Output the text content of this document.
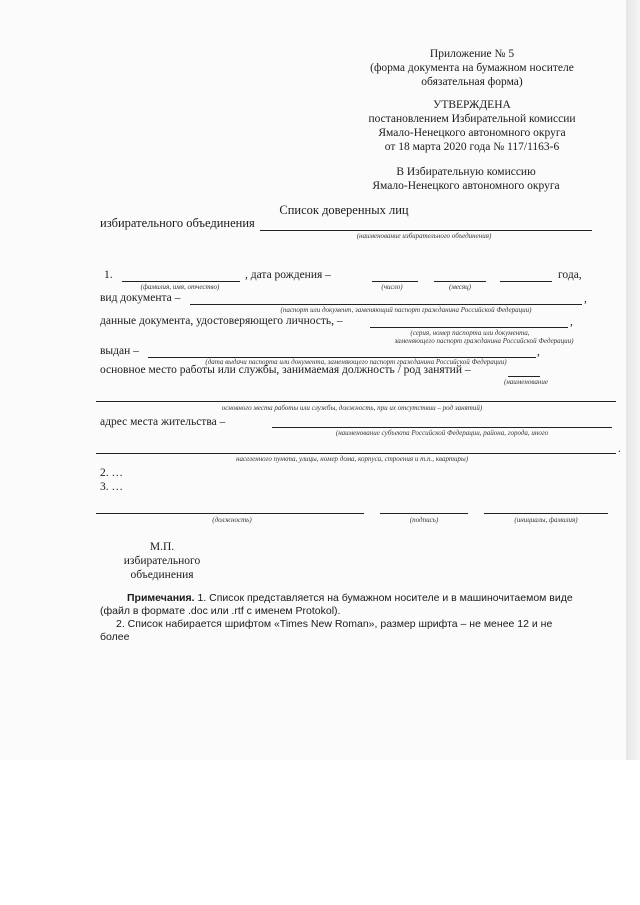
Приложение № 5
(форма документа на бумажном носителе
обязательная форма)
УТВЕРЖДЕНА
постановлением Избирательной комиссии
Ямало-Ненецкого автономного округа
от 18 марта 2020 года № 117/1163-6
В Избирательную комиссию
Ямало-Ненецкого автономного округа
Список доверенных лиц
избирательного объединения
(наименование избирательного объединения)
1.	, дата рождения –	года,
(фамилия, имя, отчество)	(число)	(месяц)
вид документа –	,
(паспорт или документ, заменяющий паспорт гражданина Российской Федерации)
данные документа, удостоверяющего личность, –	,
(серия, номер паспорта или документа,
заменяющего паспорт гражданина Российской Федерации)
выдан –	,
(дата выдачи паспорта или документа, заменяющего паспорт гражданина Российской Федерации)
основное место работы или службы, занимаемая должность / род занятий –
(наименование
основного места работы или службы, должность, при их отсутствии – род занятий)
адрес места жительства –
(наименование субъекта Российской Федерации, района, города, иного
.
населенного пункта, улицы, номер дома, корпуса, строения и т.п., квартиры)
2. …
3. …
(должность)	(подпись)	(инициалы, фамилия)
М.П.
избирательного
объединения
Примечания. 1. Список представляется на бумажном носителе и в машиночитаемом виде
(файл в формате .doc или .rtf с именем Protokol).
2. Список набирается шрифтом «Times New Roman», размер шрифта – не менее 12 и не
более
